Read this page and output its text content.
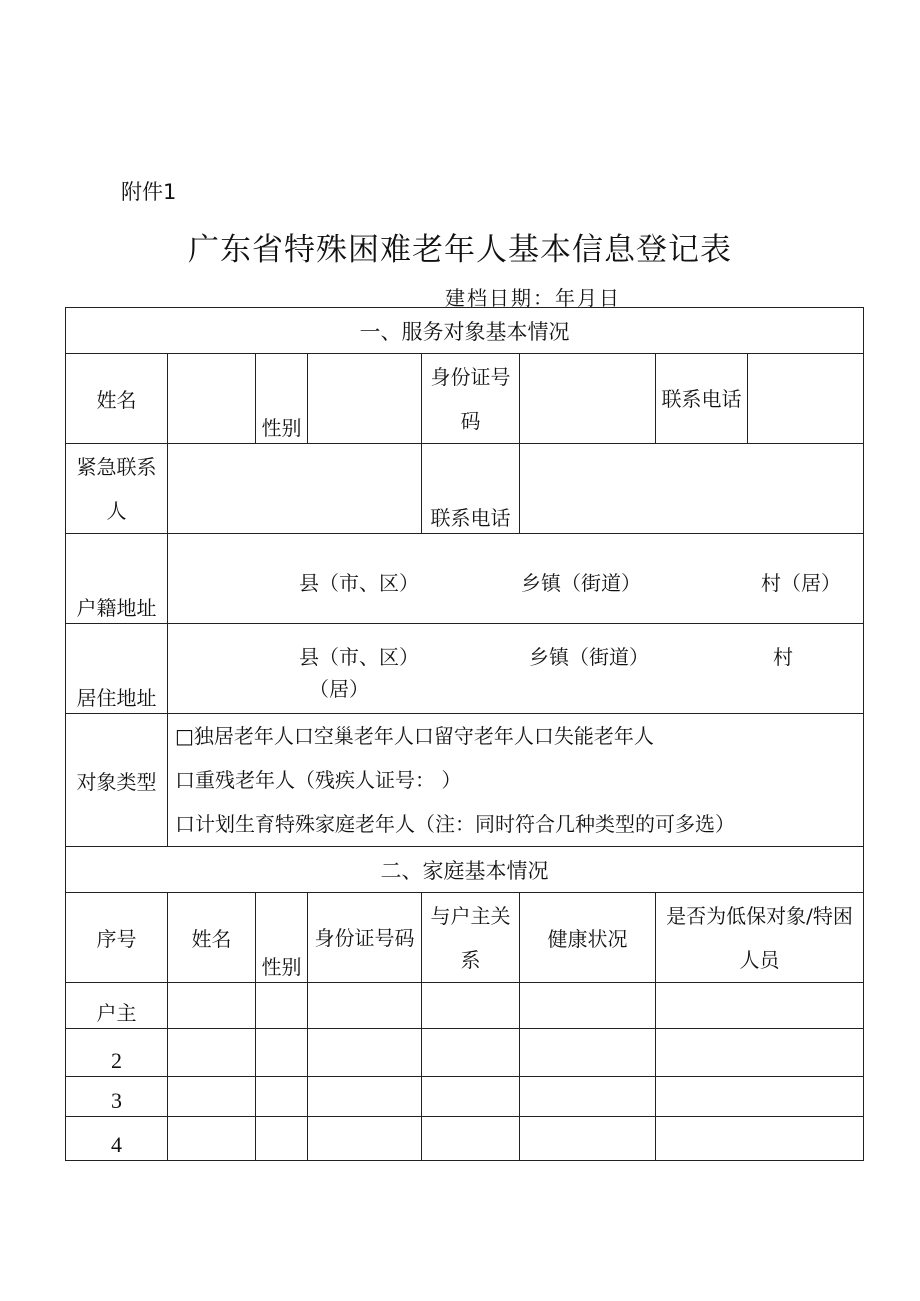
附件1
广东省特殊困难老年人基本信息登记表
建档日期：年月日
一、服务对象基本情况							
姓名		性别		身份证号码		联系电话	
紧急联系人				联系电话			
户籍地址	县（市、区） 乡镇（街道） 村（居）						

居住地址	县（市、区） 乡镇（街道） 村
（居）						

对象类型	□独居老年人口空巢老年人口留守老年人口失能老年人
口重残老年人（残疾人证号： ）
口计划生育特殊家庭老年人（注：同时符合几种类型的可多选）						

二、家庭基本情况							
序号	姓名	性别	身份证号码	与户主关系	健康状况	是否为低保对象/特困人员	
户主							
2							
3							
4							
